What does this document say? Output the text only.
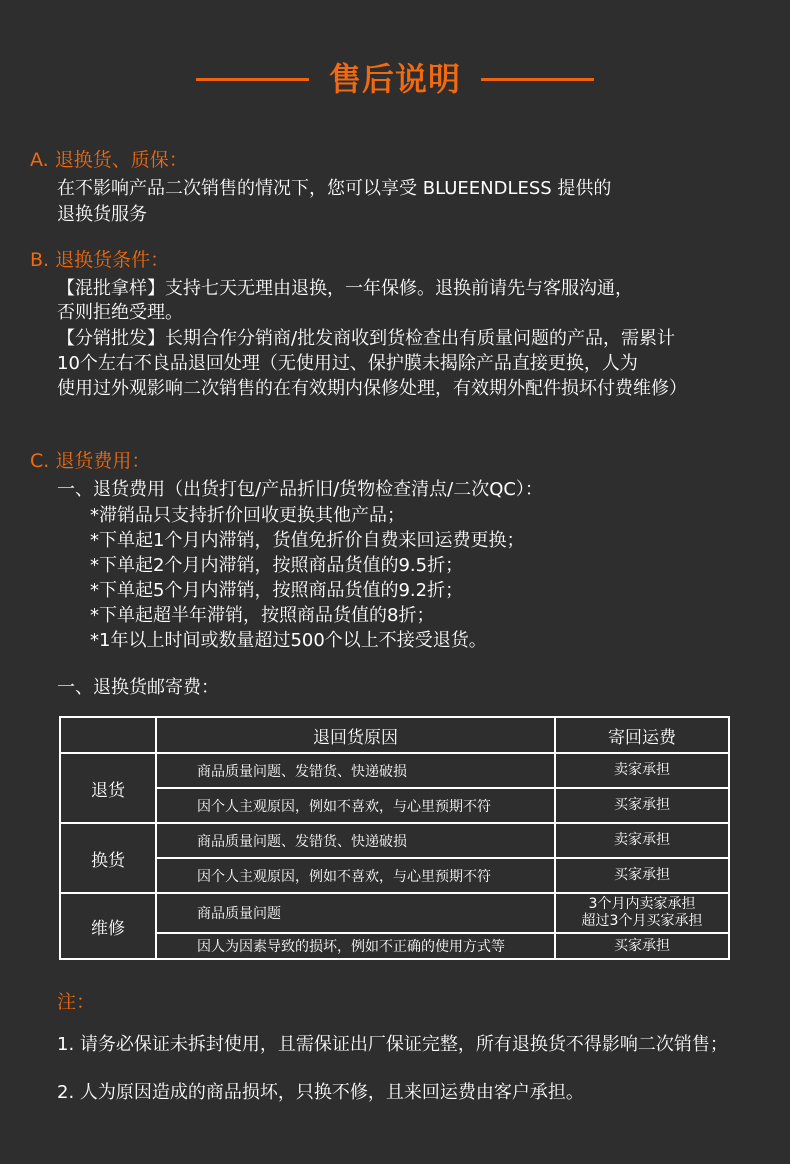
售后说明
A. 退换货、质保：
在不影响产品二次销售的情况下，您可以享受 BLUEENDLESS 提供的
退换货服务
B. 退换货条件：
【混批拿样】支持七天无理由退换，一年保修。退换前请先与客服沟通，
否则拒绝受理。
【分销批发】长期合作分销商/批发商收到货检查出有质量问题的产品，需累计
10个左右不良品退回处理（无使用过、保护膜未揭除产品直接更换，人为
使用过外观影响二次销售的在有效期内保修处理，有效期外配件损坏付费维修）
C. 退货费用：
一、退货费用（出货打包/产品折旧/货物检查清点/二次QC）：
*滞销品只支持折价回收更换其他产品；
*下单起1个月内滞销，货值免折价自费来回运费更换；
*下单起2个月内滞销，按照商品货值的9.5折；
*下单起5个月内滞销，按照商品货值的9.2折；
*下单起超半年滞销，按照商品货值的8折；
*1年以上时间或数量超过500个以上不接受退货。
一、退换货邮寄费：
	退回货原因	寄回运费
退货	商品质量问题、发错货、快递破损	卖家承担
	因个人主观原因，例如不喜欢，与心里预期不符	买家承担
换货	商品质量问题、发错货、快递破损	卖家承担
	因个人主观原因，例如不喜欢，与心里预期不符	买家承担
维修	商品质量问题	3个月内卖家承担
超过3个月买家承担

	因人为因素导致的损坏，例如不正确的使用方式等	买家承担
注：
1. 请务必保证未拆封使用，且需保证出厂保证完整，所有退换货不得影响二次销售；
2. 人为原因造成的商品损坏，只换不修，且来回运费由客户承担。
